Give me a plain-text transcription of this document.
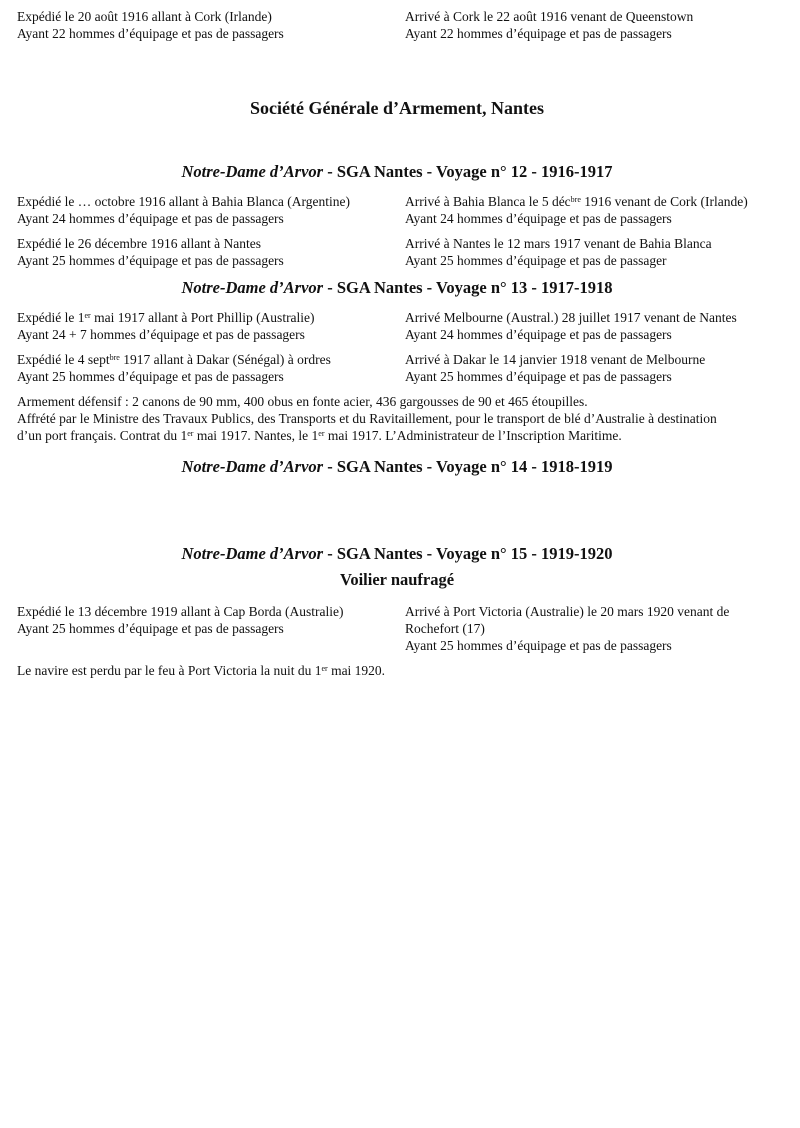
Expédié le 20 août 1916 allant à Cork (Irlande)
Ayant 22 hommes d’équipage et pas de passagers
Arrivé à Cork le 22 août 1916 venant de Queenstown
Ayant 22 hommes d’équipage et pas de passagers
Société Générale d’Armement, Nantes
Notre-Dame d’Arvor - SGA Nantes - Voyage n° 12 - 1916-1917
Expédié le … octobre 1916 allant à Bahia Blanca (Argentine)
Ayant 24 hommes d’équipage et pas de passagers
Arrivé à Bahia Blanca le 5 déc$^{bre}$ 1916 venant de Cork (Irlande)
Ayant 24 hommes d’équipage et pas de passagers
Expédié le 26 décembre 1916 allant à Nantes
Ayant 25 hommes d’équipage et pas de passagers
Arrivé à Nantes le 12 mars 1917 venant de Bahia Blanca
Ayant 25 hommes d’équipage et pas de passager
Notre-Dame d’Arvor - SGA Nantes - Voyage n° 13 - 1917-1918
Expédié le 1er mai 1917 allant à Port Phillip (Australie)
Ayant 24 + 7 hommes d’équipage et pas de passagers
Arrivé Melbourne (Austral.) 28 juillet 1917 venant de Nantes
Ayant 24 hommes d’équipage et pas de passagers
Expédié le 4 sept$^{bre}$ 1917 allant à Dakar (Sénégal) à ordres
Ayant 25 hommes d’équipage et pas de passagers
Arrivé à Dakar le 14 janvier 1918 venant de Melbourne
Ayant 25 hommes d’équipage et pas de passagers
Armement défensif : 2 canons de 90 mm, 400 obus en fonte acier, 436 gargousses de 90 et 465 étoupilles.
Affrété par le Ministre des Travaux Publics, des Transports et du Ravitaillement, pour le transport de blé d’Australie à destination
d’un port français. Contrat du 1er mai 1917. Nantes, le 1er mai 1917. L’Administrateur de l’Inscription Maritime.
Notre-Dame d’Arvor - SGA Nantes - Voyage n° 14 - 1918-1919
Notre-Dame d’Arvor - SGA Nantes - Voyage n° 15 - 1919-1920
Voilier naufragé
Expédié le 13 décembre 1919 allant à Cap Borda (Australie)
Ayant 25 hommes d’équipage et pas de passagers
Arrivé à Port Victoria (Australie) le 20 mars 1920 venant de
Rochefort (17)
Ayant 25 hommes d’équipage et pas de passagers
Le navire est perdu par le feu à Port Victoria la nuit du 1er mai 1920.
